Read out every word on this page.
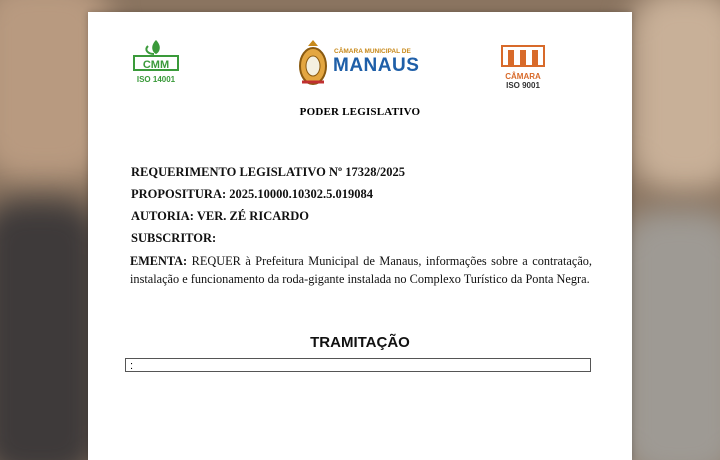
CMM
ISO 14001
CÂMARA MUNICIPAL DE
MANAUS
CÂMARA
ISO 9001
PODER LEGISLATIVO
REQUERIMENTO LEGISLATIVO Nº 17328/2025
PROPOSITURA: 2025.10000.10302.5.019084
AUTORIA: VER. ZÉ RICARDO
SUBSCRITOR:
EMENTA: REQUER à Prefeitura Municipal de Manaus, informações sobre a contratação, instalação e funcionamento da roda-gigante instalada no Complexo Turístico da Ponta Negra.
TRAMITAÇÃO
:
